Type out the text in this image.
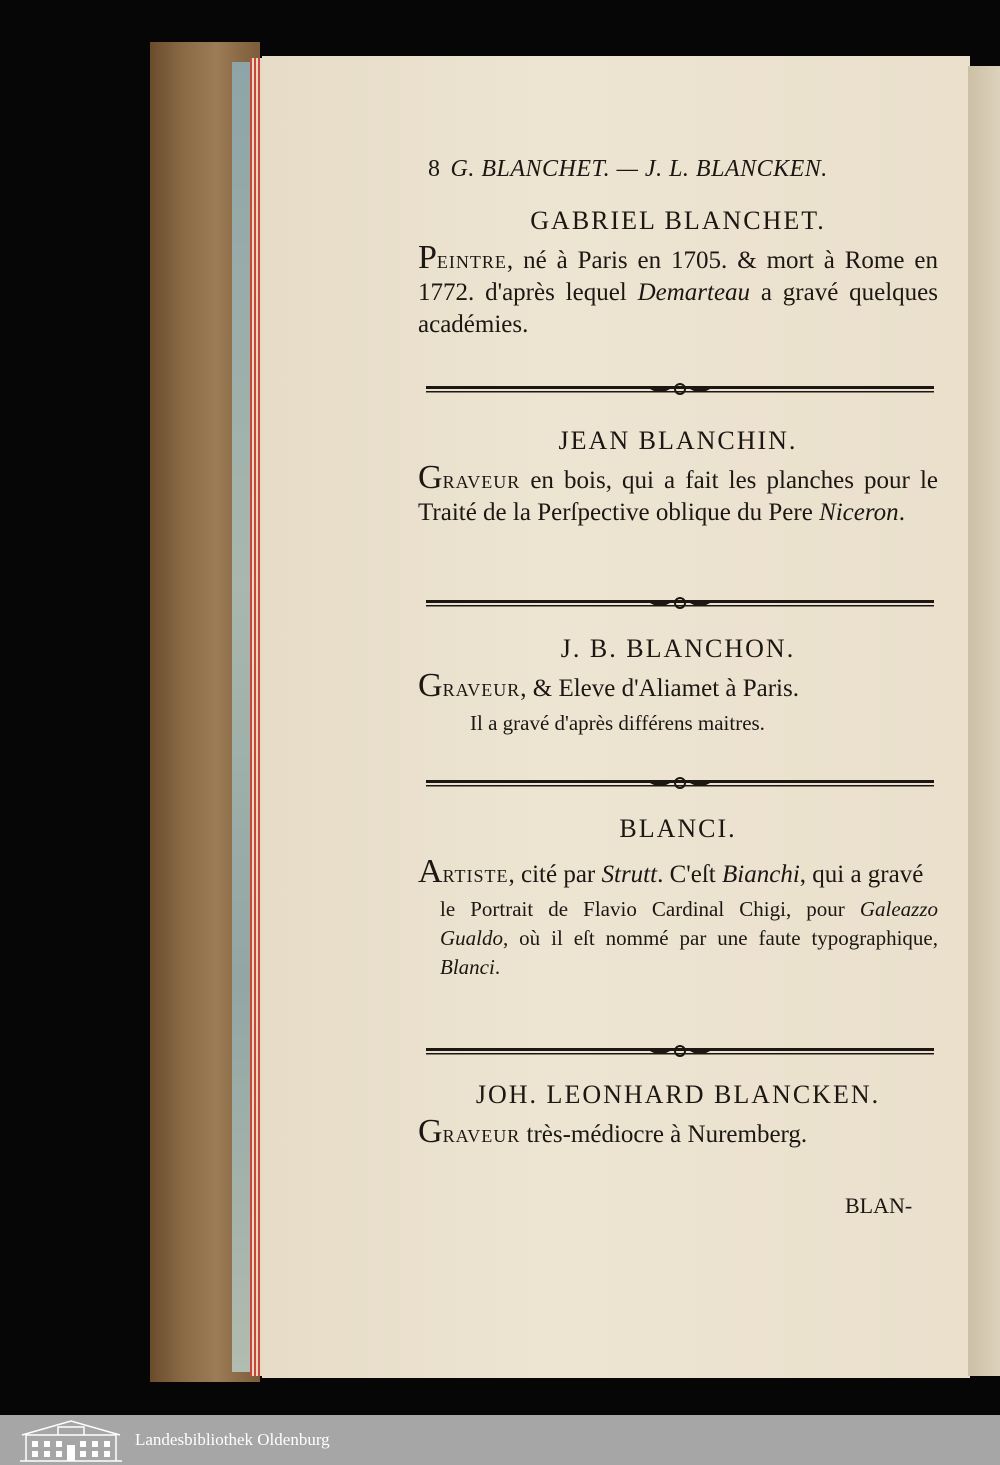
8 G. BLANCHET. — J. L. BLANCKEN.
GABRIEL BLANCHET.

Peintre, né à Paris en 1705. & mort à Rome en 1772. d'après lequel Demarteau a gravé quelques académies.

JEAN BLANCHIN.

Graveur en bois, qui a fait les planches pour le Traité de la Perſpective oblique du Pere Niceron.

J. B. BLANCHON.

Graveur, & Eleve d'Aliamet à Paris.

Il a gravé d'après différens maitres.

BLANCI.

Artiste, cité par Strutt. C'eſt Bianchi, qui a gravé

le Portrait de Flavio Cardinal Chigi, pour Galeazzo Gualdo, où il eſt nommé par une faute typographique, Blanci.

JOH. LEONHARD BLANCKEN.

Graveur très-médiocre à Nuremberg.

BLAN-
Landesbibliothek Oldenburg
